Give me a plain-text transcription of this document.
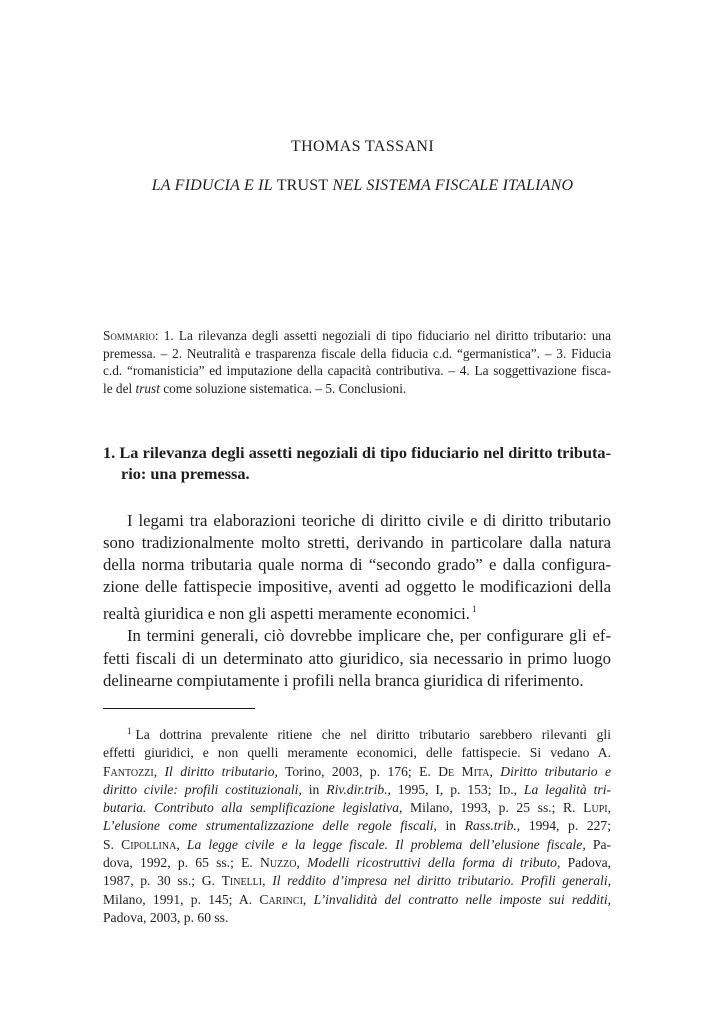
THOMAS TASSANI
LA FIDUCIA E IL TRUST NEL SISTEMA FISCALE ITALIANO
Sommario: 1. La rilevanza degli assetti negoziali di tipo fiduciario nel diritto tributario: una
premessa. – 2. Neutralità e trasparenza fiscale della fiducia c.d. “germanistica”. – 3. Fiducia
c.d. “romanisticia” ed imputazione della capacità contributiva. – 4. La soggettivazione fisca-
le del trust come soluzione sistematica. – 5. Conclusioni.
1. La rilevanza degli assetti negoziali di tipo fiduciario nel diritto tributa-
rio: una premessa.
I legami tra elaborazioni teoriche di diritto civile e di diritto tributario
sono tradizionalmente molto stretti, derivando in particolare dalla natura
della norma tributaria quale norma di “secondo grado” e dalla configura-
zione delle fattispecie impositive, aventi ad oggetto le modificazioni della
realtà giuridica e non gli aspetti meramente economici. $^1$
In termini generali, ciò dovrebbe implicare che, per configurare gli ef-
fetti fiscali di un determinato atto giuridico, sia necessario in primo luogo
delinearne compiutamente i profili nella branca giuridica di riferimento.
$^1$ La dottrina prevalente ritiene che nel diritto tributario sarebbero rilevanti gli
effetti giuridici, e non quelli meramente economici, delle fattispecie. Si vedano A.
Fantozzi, Il diritto tributario, Torino, 2003, p. 176; E. De Mita, Diritto tributario e
diritto civile: profili costituzionali, in Riv.dir.trib., 1995, I, p. 153; Id., La legalità tri-
butaria. Contributo alla semplificazione legislativa, Milano, 1993, p. 25 ss.; R. Lupi,
L’elusione come strumentalizzazione delle regole fiscali, in Rass.trib., 1994, p. 227;
S. Cipollina, La legge civile e la legge fiscale. Il problema dell’elusione fiscale, Pa-
dova, 1992, p. 65 ss.; E. Nuzzo, Modelli ricostruttivi della forma di tributo, Padova,
1987, p. 30 ss.; G. Tinelli, Il reddito d’impresa nel diritto tributario. Profili generali,
Milano, 1991, p. 145; A. Carinci, L’invalidità del contratto nelle imposte sui redditi,
Padova, 2003, p. 60 ss.
